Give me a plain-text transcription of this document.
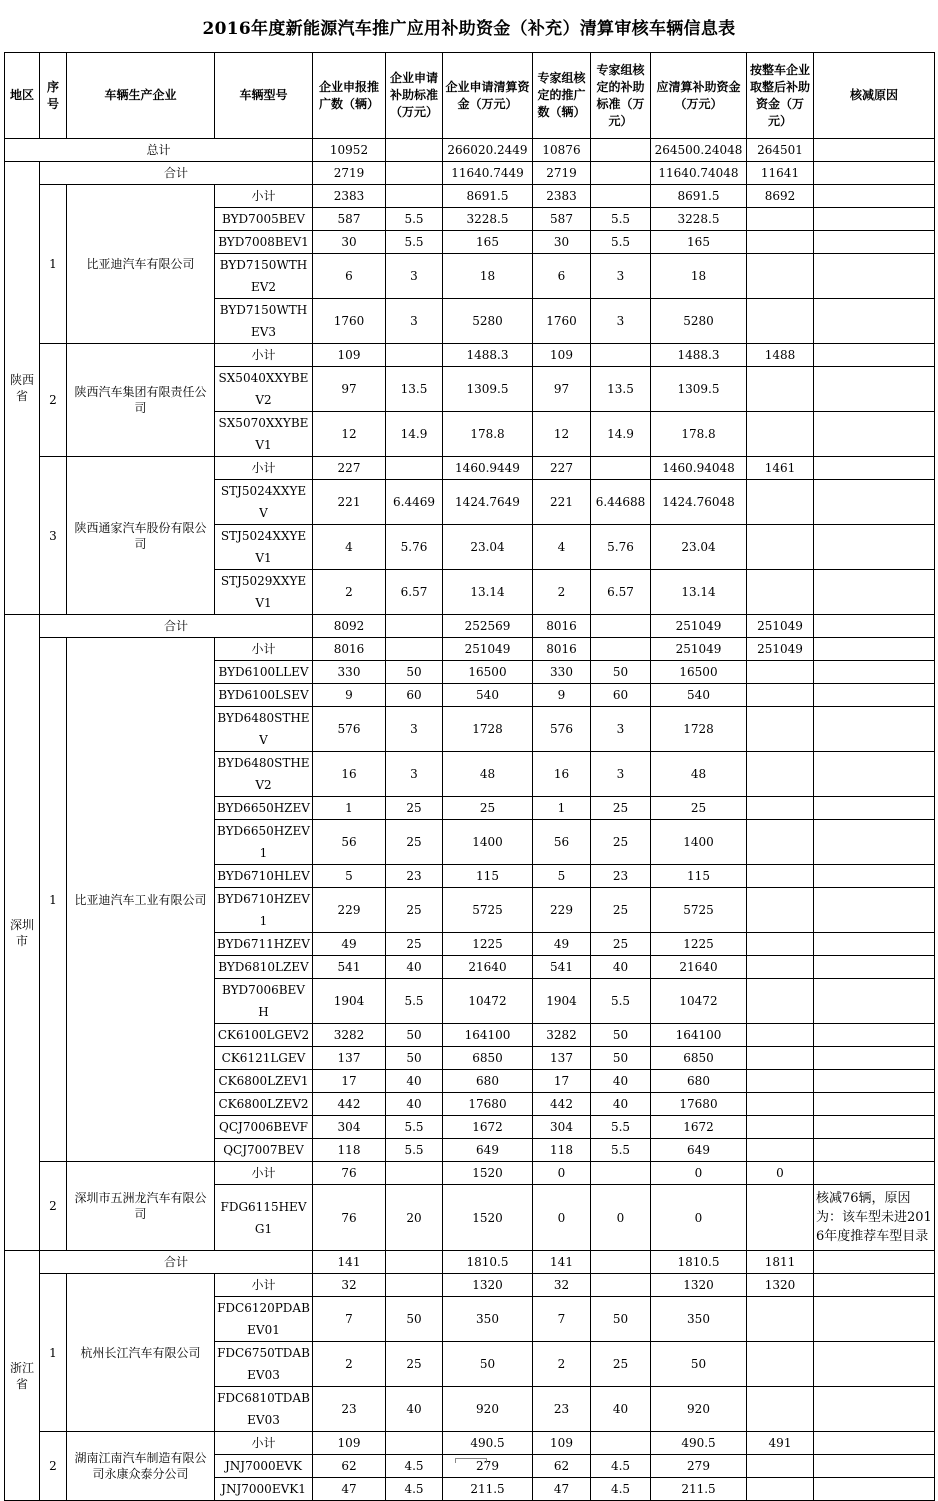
2016年度新能源汽车推广应用补助资金（补充）清算审核车辆信息表
地区	序号	车辆生产企业	车辆型号	企业申报推广数（辆）	企业申请补助标准（万元）	企业申请清算资金（万元）	专家组核定的推广数（辆）	专家组核定的补助标准（万元）	应清算补助资金（万元）	按整车企业取整后补助资金（万元）	核减原因
总计				10952		266020.2449	10876		264500.24048	264501	
陕西省	合计			2719		11640.7449	2719		11640.74048	11641	
	1	比亚迪汽车有限公司	小计	2383		8691.5	2383		8691.5	8692	
			BYD7005BEV	587	5.5	3228.5	587	5.5	3228.5		
			BYD7008BEV1	30	5.5	165	30	5.5	165		
			BYD7150WTHEV2	6	3	18	6	3	18		
			BYD7150WTHEV3	1760	3	5280	1760	3	5280		
	2	陕西汽车集团有限责任公司	小计	109		1488.3	109		1488.3	1488	
			SX5040XXYBEV2	97	13.5	1309.5	97	13.5	1309.5		
			SX5070XXYBEV1	12	14.9	178.8	12	14.9	178.8		
	3	陕西通家汽车股份有限公司	小计	227		1460.9449	227		1460.94048	1461	
			STJ5024XXYEV	221	6.4469	1424.7649	221	6.44688	1424.76048		
			STJ5024XXYEV1	4	5.76	23.04	4	5.76	23.04		
			STJ5029XXYEV1	2	6.57	13.14	2	6.57	13.14		
深圳市	合计			8092		252569	8016		251049	251049	
	1	比亚迪汽车工业有限公司	小计	8016		251049	8016		251049	251049	
			BYD6100LLEV	330	50	16500	330	50	16500		
			BYD6100LSEV	9	60	540	9	60	540		
			BYD6480STHEV	576	3	1728	576	3	1728		
			BYD6480STHEV2	16	3	48	16	3	48		
			BYD6650HZEV	1	25	25	1	25	25		
			BYD6650HZEV1	56	25	1400	56	25	1400		
			BYD6710HLEV	5	23	115	5	23	115		
			BYD6710HZEV1	229	25	5725	229	25	5725		
			BYD6711HZEV	49	25	1225	49	25	1225		
			BYD6810LZEV	541	40	21640	541	40	21640		
			BYD7006BEVH	1904	5.5	10472	1904	5.5	10472		
			CK6100LGEV2	3282	50	164100	3282	50	164100		
			CK6121LGEV	137	50	6850	137	50	6850		
			CK6800LZEV1	17	40	680	17	40	680		
			CK6800LZEV2	442	40	17680	442	40	17680		
			QCJ7006BEVF	304	5.5	1672	304	5.5	1672		
			QCJ7007BEV	118	5.5	649	118	5.5	649		
	2	深圳市五洲龙汽车有限公司	小计	76		1520	0		0	0	
			FDG6115HEVG1	76	20	1520	0	0	0		核减76辆，原因为：该车型未进2016年度推荐车型目录
浙江省	合计			141		1810.5	141		1810.5	1811	
	1	杭州长江汽车有限公司	小计	32		1320	32		1320	1320	
			FDC6120PDABEV01	7	50	350	7	50	350		
			FDC6750TDABEV03	2	25	50	2	25	50		
			FDC6810TDABEV03	23	40	920	23	40	920		
	2	湖南江南汽车制造有限公司永康众泰分公司	小计	109		490.5	109		490.5	491	
			JNJ7000EVK	62	4.5	279	62	4.5	279		
			JNJ7000EVK1	47	4.5	211.5	47	4.5	211.5		
